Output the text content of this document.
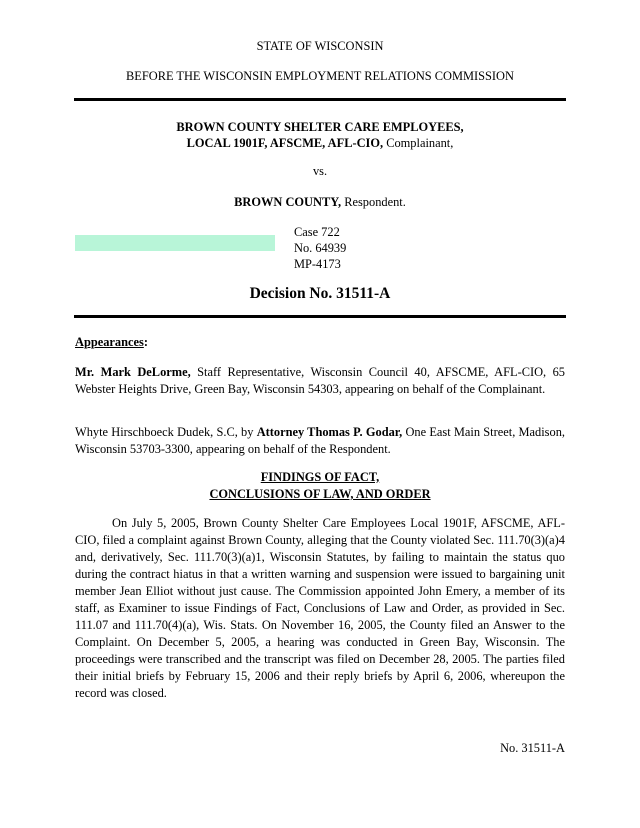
STATE OF WISCONSIN
BEFORE THE WISCONSIN EMPLOYMENT RELATIONS COMMISSION
BROWN COUNTY SHELTER CARE EMPLOYEES,
LOCAL 1901F, AFSCME, AFL-CIO, Complainant,
vs.
BROWN COUNTY, Respondent.
Case 722
No. 64939
MP-4173
Decision No. 31511-A
Appearances:
Mr. Mark DeLorme, Staff Representative, Wisconsin Council 40, AFSCME, AFL-CIO, 65 Webster Heights Drive, Green Bay, Wisconsin 54303, appearing on behalf of the Complainant.
Whyte Hirschboeck Dudek, S.C, by Attorney Thomas P. Godar, One East Main Street, Madison, Wisconsin 53703-3300, appearing on behalf of the Respondent.
FINDINGS OF FACT,
CONCLUSIONS OF LAW, AND ORDER
On July 5, 2005, Brown County Shelter Care Employees Local 1901F, AFSCME, AFL-CIO, filed a complaint against Brown County, alleging that the County violated Sec. 111.70(3)(a)4 and, derivatively, Sec. 111.70(3)(a)1, Wisconsin Statutes, by failing to maintain the status quo during the contract hiatus in that a written warning and suspension were issued to bargaining unit member Jean Elliot without just cause. The Commission appointed John Emery, a member of its staff, as Examiner to issue Findings of Fact, Conclusions of Law and Order, as provided in Sec. 111.07 and 111.70(4)(a), Wis. Stats. On November 16, 2005, the County filed an Answer to the Complaint. On December 5, 2005, a hearing was conducted in Green Bay, Wisconsin. The proceedings were transcribed and the transcript was filed on December 28, 2005. The parties filed their initial briefs by February 15, 2006 and their reply briefs by April 6, 2006, whereupon the record was closed.
No. 31511-A
